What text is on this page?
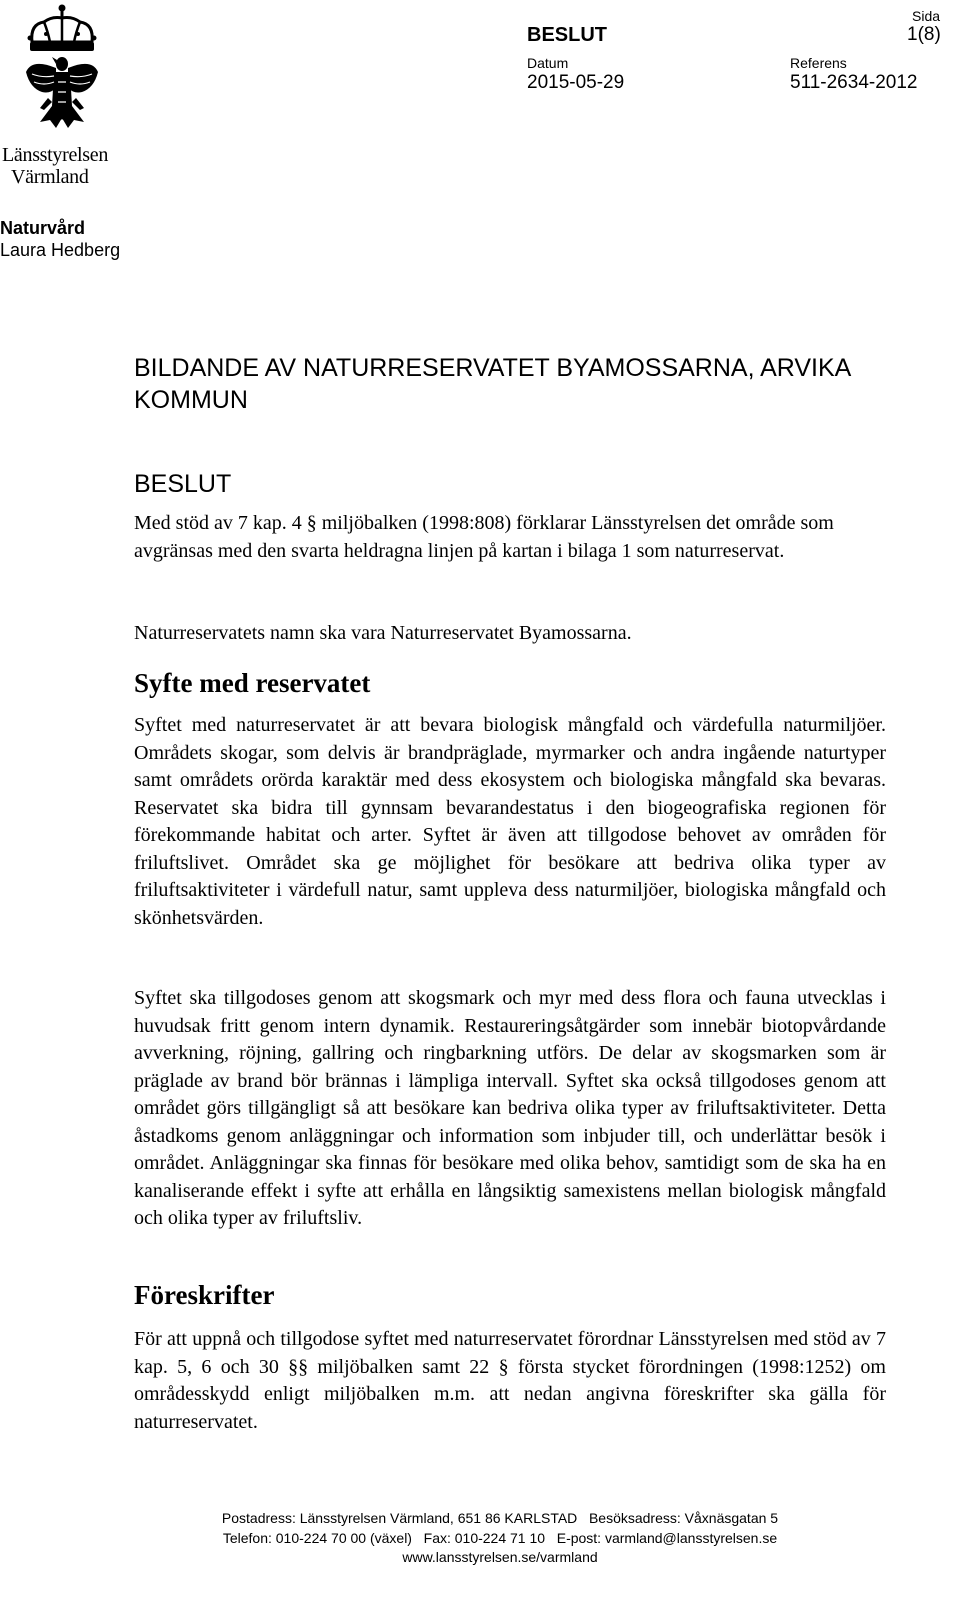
Länsstyrelsen
Värmland
BESLUT
Sida
1(8)
Datum
2015-05-29
Referens
511-2634-2012
Naturvård
Laura Hedberg
BILDANDE AV NATURRESERVATET BYAMOSSARNA, ARVIKA KOMMUN
BESLUT

Med stöd av 7 kap. 4 § miljöbalken (1998:808) förklarar Länsstyrelsen det område som avgränsas med den svarta heldragna linjen på kartan i bilaga 1 som naturreservat.

Naturreservatets namn ska vara Naturreservatet Byamossarna.

Syfte med reservatet

Syftet med naturreservatet är att bevara biologisk mångfald och värdefulla naturmiljöer. Områdets skogar, som delvis är brandpräglade, myrmarker och andra ingående naturtyper samt områdets orörda karaktär med dess ekosystem och biologiska mångfald ska bevaras. Reservatet ska bidra till gynnsam bevarandestatus i den biogeografiska regionen för förekommande habitat och arter. Syftet är även att tillgodose behovet av områden för friluftslivet. Området ska ge möjlighet för besökare att bedriva olika typer av friluftsaktiviteter i värdefull natur, samt uppleva dess naturmiljöer, biologiska mångfald och skönhetsvärden.

Syftet ska tillgodoses genom att skogsmark och myr med dess flora och fauna utvecklas i huvudsak fritt genom intern dynamik. Restaureringsåtgärder som innebär biotopvårdande avverkning, röjning, gallring och ringbarkning utförs. De delar av skogsmarken som är präglade av brand bör brännas i lämpliga intervall. Syftet ska också tillgodoses genom att området görs tillgängligt så att besökare kan bedriva olika typer av friluftsaktiviteter. Detta åstadkoms genom anläggningar och information som inbjuder till, och underlättar besök i området. Anläggningar ska finnas för besökare med olika behov, samtidigt som de ska ha en kanaliserande effekt i syfte att erhålla en långsiktig samexistens mellan biologisk mångfald och olika typer av friluftsliv.

Föreskrifter

För att uppnå och tillgodose syftet med naturreservatet förordnar Länsstyrelsen med stöd av 7 kap. 5, 6 och 30 §§ miljöbalken samt 22 § första stycket förordningen (1998:1252) om områdesskydd enligt miljöbalken m.m. att nedan angivna föreskrifter ska gälla för naturreservatet.

Postadress: Länsstyrelsen Värmland, 651 86 KARLSTAD   Besöksadress: Våxnäsgatan 5
Telefon: 010-224 70 00 (växel)   Fax: 010-224 71 10   E-post: varmland@lansstyrelsen.se
www.lansstyrelsen.se/varmland
